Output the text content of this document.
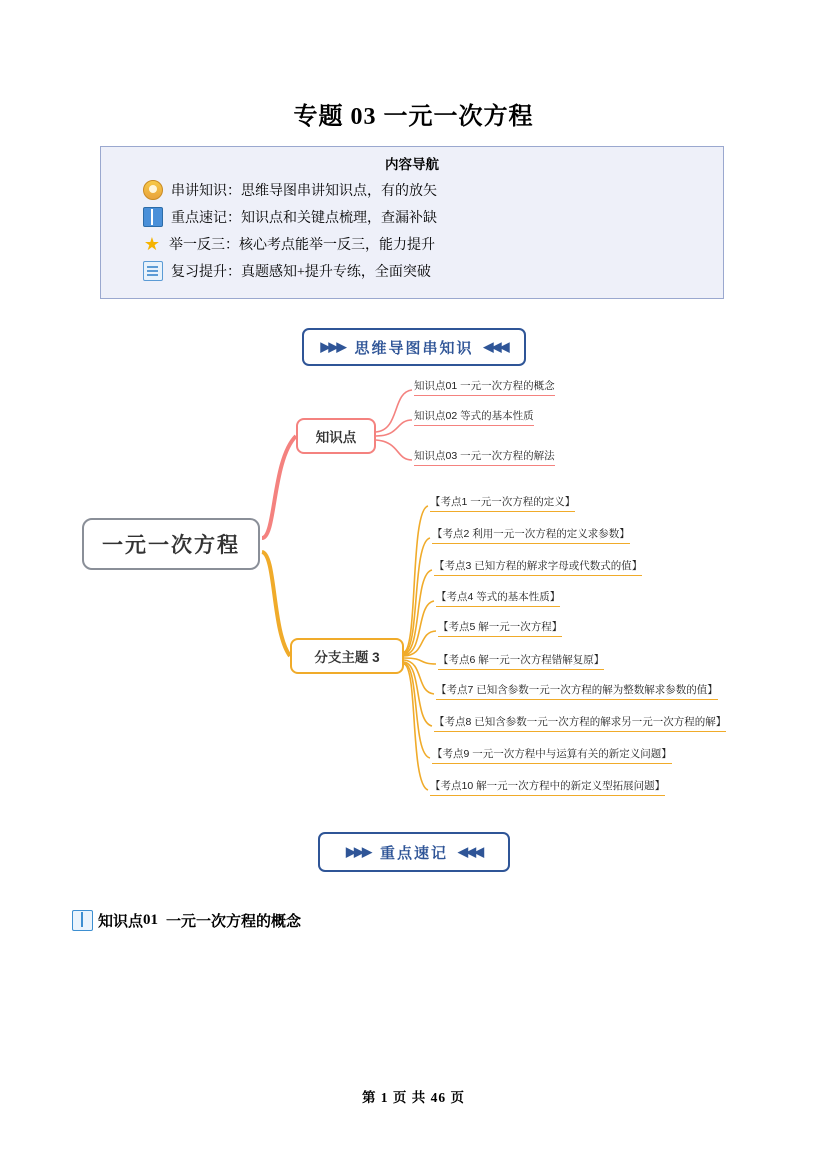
专题 03 一元一次方程
内容导航
串讲知识：思维导图串讲知识点，有的放矢
重点速记：知识点和关键点梳理，查漏补缺
★ 举一反三：核心考点能举一反三，能力提升
复习提升：真题感知+提升专练，全面突破
▶▶▶ 思维导图串知识 ◀◀◀
一元一次方程
知识点
分支主题 3
知识点01 一元一次方程的概念
知识点02 等式的基本性质
知识点03 一元一次方程的解法
【考点1 一元一次方程的定义】
【考点2 利用一元一次方程的定义求参数】
【考点3 已知方程的解求字母或代数式的值】
【考点4 等式的基本性质】
【考点5 解一元一次方程】
【考点6 解一元一次方程错解复原】
【考点7 已知含参数一元一次方程的解为整数解求参数的值】
【考点8 已知含参数一元一次方程的解求另一元一次方程的解】
【考点9 一元一次方程中与运算有关的新定义问题】
【考点10 解一元一次方程中的新定义型拓展问题】
▶▶▶ 重点速记 ◀◀◀
知识点 01 一元一次方程的概念
第 1 页 共 46 页
